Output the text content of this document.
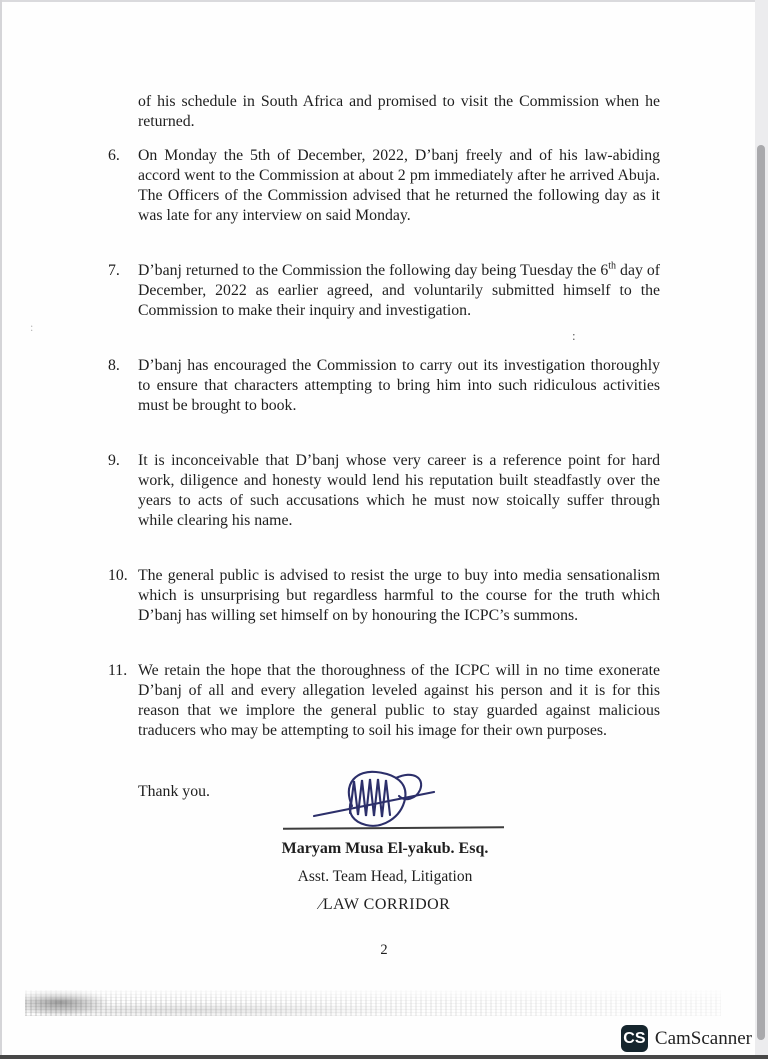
of his schedule in South Africa and promised to visit the Commission when he returned.

6.	On Monday the 5th of December, 2022, D’banj freely and of his law-abiding accord went to the Commission at about 2 pm immediately after he arrived Abuja. The Officers of the Commission advised that he returned the following day as it was late for any interview on said Monday.

7.	D’banj returned to the Commission the following day being Tuesday the 6th day of December, 2022 as earlier agreed, and voluntarily submitted himself to the Commission to make their inquiry and investigation.

8.	D’banj has encouraged the Commission to carry out its investigation thoroughly to ensure that characters attempting to bring him into such ridiculous activities must be brought to book.

9.	It is inconceivable that D’banj whose very career is a reference point for hard work, diligence and honesty would lend his reputation built steadfastly over the years to acts of such accusations which he must now stoically suffer through while clearing his name.

10. The general public is advised to resist the urge to buy into media sensationalism which is unsurprising but regardless harmful to the course for the truth which D’banj has willing set himself on by honouring the ICPC’s summons.

11. We retain the hope that the thoroughness of the ICPC will in no time exonerate D’banj of all and every allegation leveled against his person and it is for this reason that we implore the general public to stay guarded against malicious traducers who may be attempting to soil his image for their own purposes.

:
:
Thank you.
Maryam Musa El-yakub. Esq.
Asst. Team Head, Litigation
⁄LAW CORRIDOR
2
CS CamScanner
